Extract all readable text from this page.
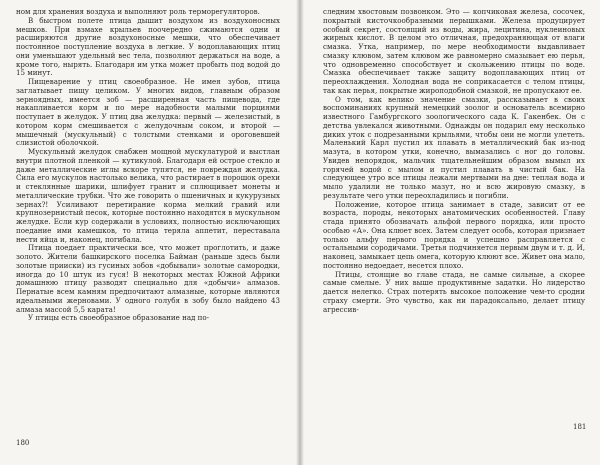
ном для хранения воздуха и выполняют роль терморегуляторов.

В быстром полете птица дышит воздухом из воздухоносных мешков. При взмахе крыльев поочередно сжимаются одни и расширяются другие воздухоносные мешки, что обеспечивает постоянное поступление воздуха в легкие. У водоплавающих птиц они уменьшают удельный вес тела, позволяют держаться на воде, а кроме того, нырять. Благодаря им утка может пробыть под водой до 15 минут.

Пищеварение у птиц своеобразное. Не имея зубов, птица заглатывает пищу целиком. У многих видов, главным образом зерноядных, имеется зоб — расширенная часть пищевода, где накапливается корм и по мере надобности малыми порциями поступает в желудок. У птиц два желудка: первый — железистый, в котором корм смешивается с желудочным соком, и второй — мышечный (мускульный) с толстыми стенками и ороговевшей слизистой оболочкой.

Мускульный желудок снабжен мощной мускулатурой и выстлан внутри плотной пленкой — кутикулой. Благодаря ей острое стекло и даже металлические иглы вскоре тупятся, не повреждая желудка. Сила его мускулов настолько велика, что растирает в порошок орехи и стеклянные шарики, шлифует гранит и сплющивает монеты и металлические трубки. Что же говорить о пшеничных и кукурузных зернах?! Усиливают перетирание корма мелкий гравий или крупнозернистый песок, которые постоянно находятся в мускульном желудке. Если кур содержали в условиях, полностью исключающих поедание ими камешков, то птица теряла аппетит, переставала нести яйца и, наконец, погибала.

Птица поедает практически все, что может проглотить, и даже золото. Жители башкирского поселка Байман (раньше здесь были золотые прииски) из гусиных зобов «добывали» золотые самородки, иногда до 10 штук из гуся! В некоторых местах Южной Африки домашнюю птицу разводят специально для «добычи» алмазов. Пернатые всем камням предпочитают алмазные, которые являются идеальными жерновами. У одного голубя в зобу было найдено 43 алмаза массой 5,5 карата!

У птицы есть своеобразное образование над по-

180

следним хвостовым позвонком. Это — копчиковая железа, сосочек, покрытый кисточкообразными перышками. Железа продуцирует особый секрет, состоящий из воды, жира, лецитина, нуклеиновых жирных кислот. В целом это отличная, предохраняющая от влаги смазка. Утка, например, по мере необходимости выдавливает смазку клювом, затем клювом же равномерно смазывает ею перья, что одновременно способствует и скольжению птицы по воде. Смазка обеспечивает также защиту водоплавающих птиц от переохлаждения. Холодная вода не соприкасается с телом птицы, так как перья, покрытые жироподобной смазкой, не пропускают ее.

О том, как велико значение смазки, рассказывает в своих воспоминаниях крупный немецкий зоолог и основатель всемирно известного Гамбургского зоологического сада К. Гакенбек. Он с детства увлекался животными. Однажды он подарил ему несколько диких уток с подрезанными крыльями, чтобы они не могли улететь. Маленький Карл пустил их плавать в металлический бак из-под мазута, в котором утки, конечно, вымазались с ног до головы. Увидев непорядок, мальчик тщательнейшим образом вымыл их горячей водой с мылом и пустил плавать в чистый бак. На следующее утро все птицы лежали мертвыми на дне: теплая вода и мыло удалили не только мазут, но и всю жировую смазку, в результате чего утки переохладились и погибли.

Положение, которое птица занимает в стаде, зависит от ее возраста, породы, некоторых анатомических особенностей. Главу стада принято обозначать альфой первого порядка, или просто особью «А». Она клюет всех. Затем следует особь, которая признает только альфу первого порядка и успешно расправляется с остальными сородичами. Третья подчиняется первым двум и т. д. И, наконец, замыкает цепь омега, которую клюют все. Живет она мало, постоянно недоедает, несется плохо.

Птицы, стоящие во главе стада, не самые сильные, а скорее самые смелые. У них выше продуктивные задатки. Но лидерство дается нелегко. Страх потерять высокое положение чем-то сродни страху смерти. Это чувство, как ни парадоксально, делает птицу агрессив-

181
